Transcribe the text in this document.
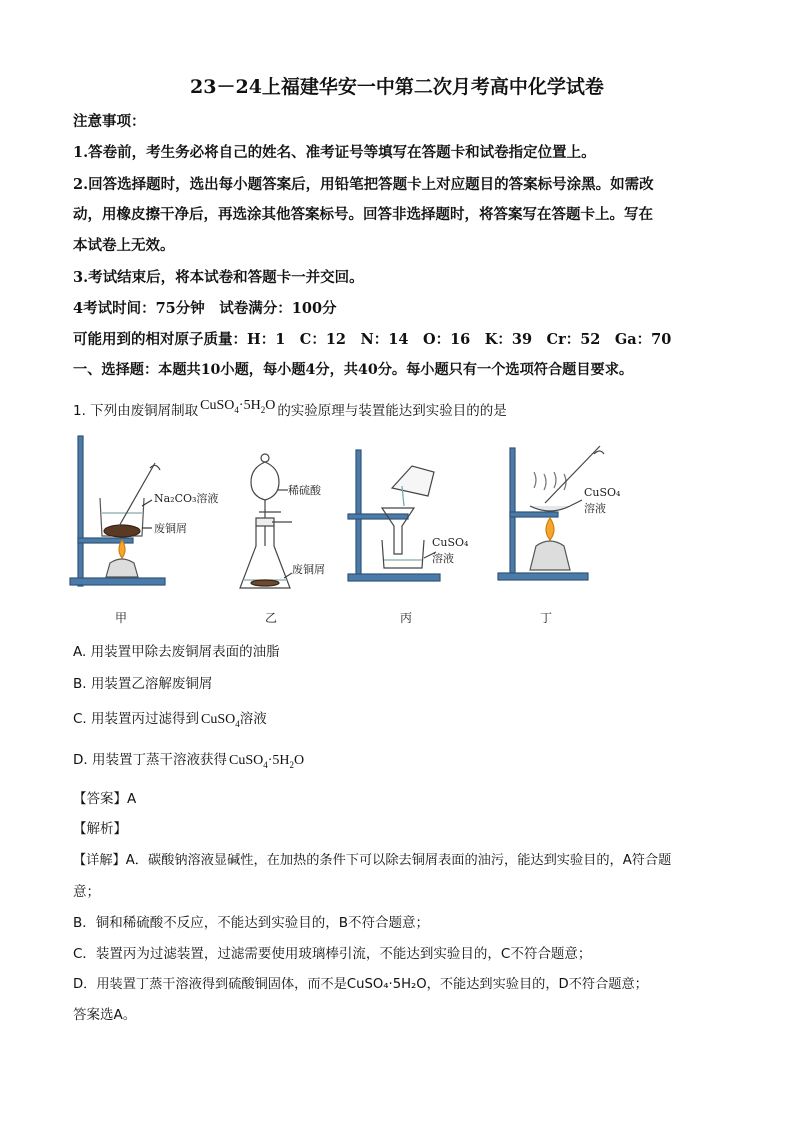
23－24上福建华安一中第二次月考高中化学试卷
注意事项：
1.答卷前，考生务必将自己的姓名、准考证号等填写在答题卡和试卷指定位置上。
2.回答选择题时，选出每小题答案后，用铅笔把答题卡上对应题目的答案标号涂黑。如需改
动，用橡皮擦干净后，再选涂其他答案标号。回答非选择题时，将答案写在答题卡上。写在
本试卷上无效。
3.考试结束后，将本试卷和答题卡一并交回。
4考试时间：75分钟　试卷满分：100分
可能用到的相对原子质量：H：1　C：12　N：14　O：16　K：39　Cr：52　Ga：70
一、选择题：本题共10小题，每小题4分，共40分。每小题只有一个选项符合题目要求。
1. 下列由废铜屑制取 $CuSO_4\cdot 5H_2O$ 的实验原理与装置能达到实验目的的是
Na₂CO₃溶液
废铜屑
甲
稀硫酸
废铜屑
乙
CuSO₄
溶液
丙
CuSO₄
溶液
丁
A. 用装置甲除去废铜屑表面的油脂
B. 用装置乙溶解废铜屑
C. 用装置丙过滤得到 CuSO$_4$溶液
D. 用装置丁蒸干溶液获得 $CuSO_4\cdot 5H_2O$
【答案】A
【解析】
【详解】A．碳酸钠溶液显碱性，在加热的条件下可以除去铜屑表面的油污，能达到实验目的，A符合题
意；
B．铜和稀硫酸不反应，不能达到实验目的，B不符合题意；
C．装置丙为过滤装置，过滤需要使用玻璃棒引流，不能达到实验目的，C不符合题意；
D．用装置丁蒸干溶液得到硫酸铜固体，而不是CuSO₄·5H₂O，不能达到实验目的，D不符合题意；
答案选A。
